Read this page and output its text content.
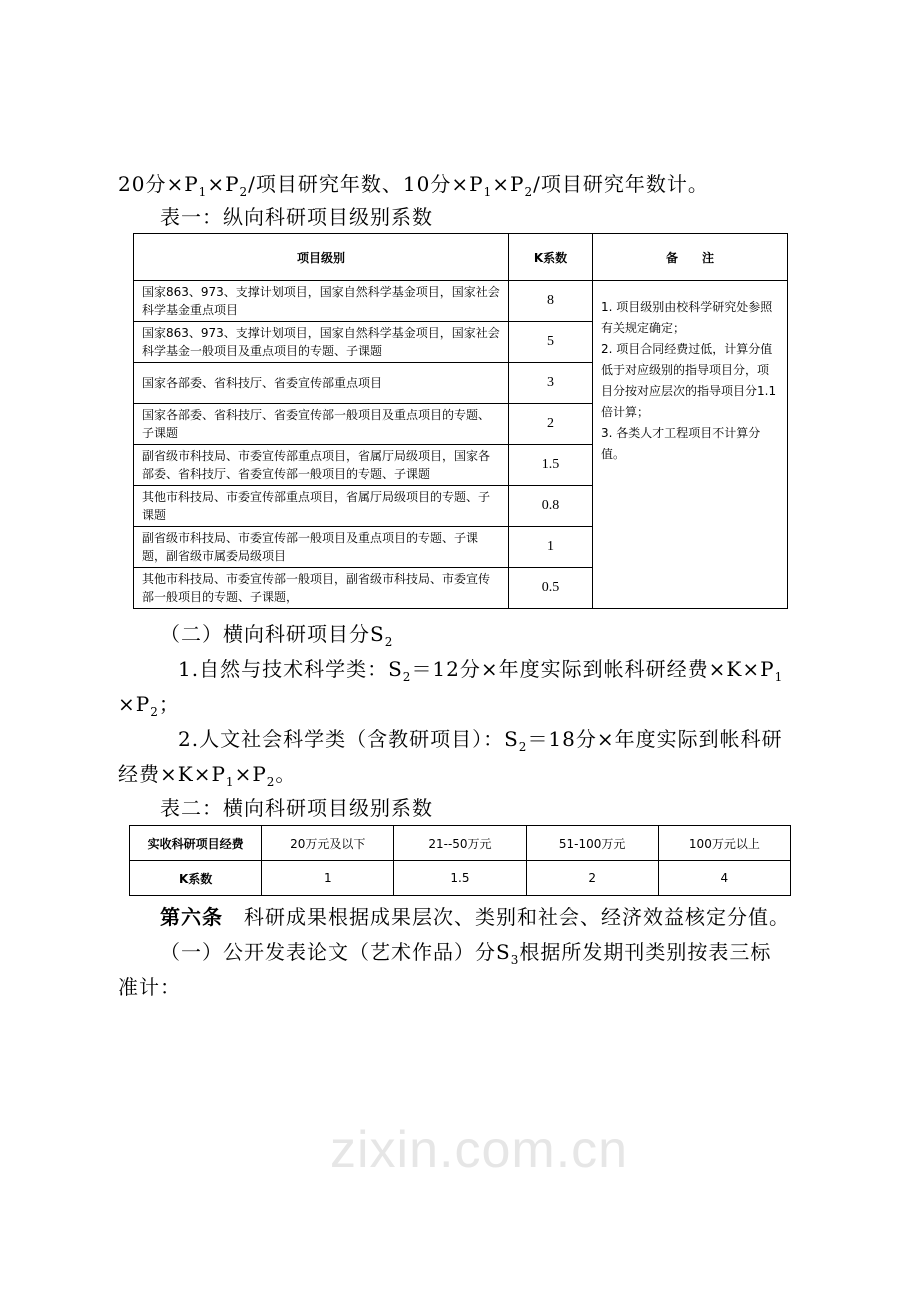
zixin.com.cn
20分$\times P_1\times P_2/$项目研究年数、10分$\times P_1\times P_2/$项目研究年数计。
表一：纵向科研项目级别系数
项目级别	K系数	备　　注
国家863、973、支撑计划项目，国家自然科学基金项目，国家社会科学基金重点项目	8	1. 项目级别由校科学研究处参照有关规定确定；
2. 项目合同经费过低，计算分值低于对应级别的指导项目分，项目分按对应层次的指导项目分1.1倍计算；
3. 各类人才工程项目不计算分值。

国家863、973、支撑计划项目，国家自然科学基金项目，国家社会科学基金一般项目及重点项目的专题、子课题	5	
国家各部委、省科技厅、省委宣传部重点项目	3	
国家各部委、省科技厅、省委宣传部一般项目及重点项目的专题、子课题	2	
副省级市科技局、市委宣传部重点项目，省属厅局级项目，国家各部委、省科技厅、省委宣传部一般项目的专题、子课题	1.5	
其他市科技局、市委宣传部重点项目，省属厅局级项目的专题、子课题	0.8	
副省级市科技局、市委宣传部一般项目及重点项目的专题、子课题，副省级市属委局级项目	1	
其他市科技局、市委宣传部一般项目，副省级市科技局、市委宣传部一般项目的专题、子课题，	0.5	
（二）横向科研项目分$S_2$
1.自然与技术科学类：$S_2=12$分×年度实际到帐科研经费$\times K\times P_1$
$\times P_2$；
2.人文社会科学类（含教研项目）：$S_2=18$分×年度实际到帐科研
经费$\times K\times P_1\times P_2$。
表二：横向科研项目级别系数
实收科研项目经费	20万元及以下	21--50万元	51-100万元	100万元以上
K系数	1	1.5	2	4
第六条　科研成果根据成果层次、类别和社会、经济效益核定分值。
（一）公开发表论文（艺术作品）分$S_3$根据所发期刊类别按表三标
准计：
